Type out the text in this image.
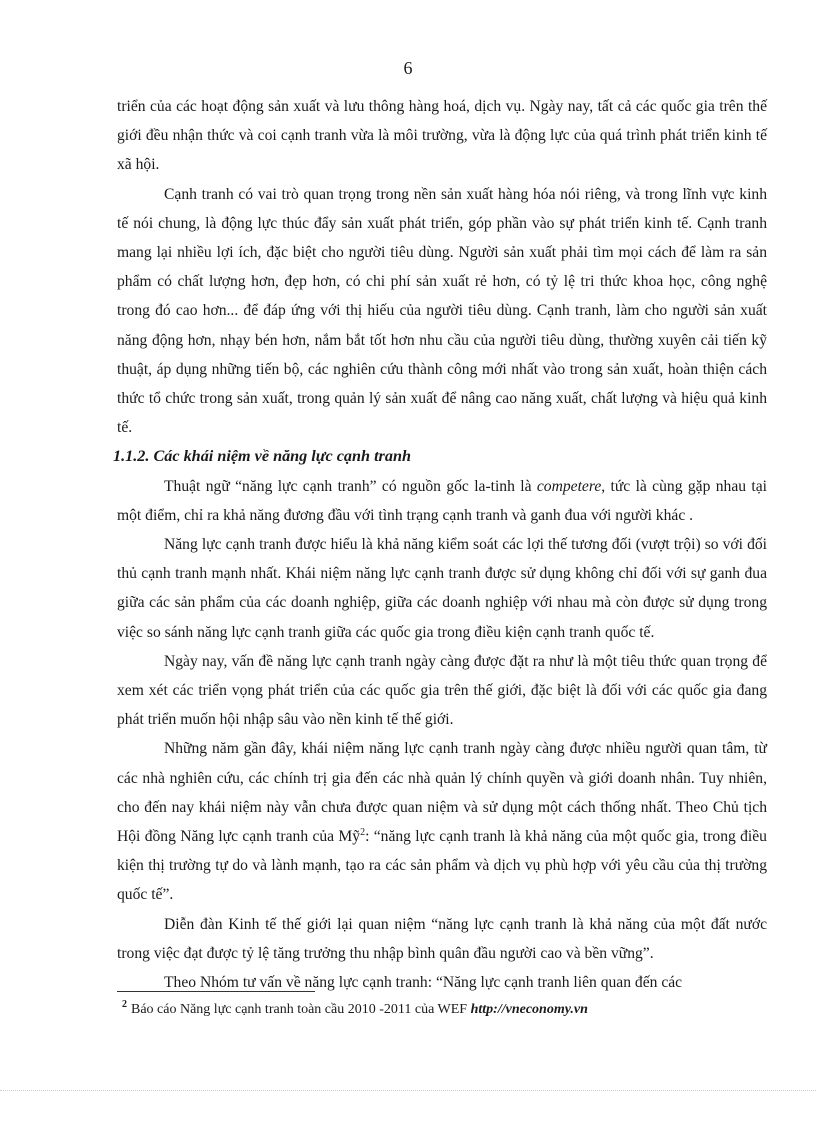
6

triển của các hoạt động sản xuất và lưu thông hàng hoá, dịch vụ. Ngày nay, tất cả các quốc gia trên thế giới đều nhận thức và coi cạnh tranh vừa là môi trường, vừa là động lực của quá trình phát triển kinh tế xã hội.

Cạnh tranh có vai trò quan trọng trong nền sản xuất hàng hóa nói riêng, và trong lĩnh vực kinh tế nói chung, là động lực thúc đẩy sản xuất phát triển, góp phần vào sự phát triển kinh tế. Cạnh tranh mang lại nhiều lợi ích, đặc biệt cho người tiêu dùng. Người sản xuất phải tìm mọi cách để làm ra sản phẩm có chất lượng hơn, đẹp hơn, có chi phí sản xuất rẻ hơn, có tỷ lệ tri thức khoa học, công nghệ trong đó cao hơn... để đáp ứng với thị hiếu của người tiêu dùng. Cạnh tranh, làm cho người sản xuất năng động hơn, nhạy bén hơn, nắm bắt tốt hơn nhu cầu của người tiêu dùng, thường xuyên cải tiến kỹ thuật, áp dụng những tiến bộ, các nghiên cứu thành công mới nhất vào trong sản xuất, hoàn thiện cách thức tổ chức trong sản xuất, trong quản lý sản xuất để nâng cao năng xuất, chất lượng và hiệu quả kinh tế.

1.1.2. Các khái niệm về năng lực cạnh tranh

Thuật ngữ “năng lực cạnh tranh” có nguồn gốc la-tinh là competere, tức là cùng gặp nhau tại một điểm, chỉ ra khả năng đương đầu với tình trạng cạnh tranh và ganh đua với người khác .

Năng lực cạnh tranh được hiểu là khả năng kiểm soát các lợi thế tương đối (vượt trội) so với đối thủ cạnh tranh mạnh nhất. Khái niệm năng lực cạnh tranh được sử dụng không chỉ đối với sự ganh đua giữa các sản phẩm của các doanh nghiệp, giữa các doanh nghiệp với nhau mà còn được sử dụng trong việc so sánh năng lực cạnh tranh giữa các quốc gia trong điều kiện cạnh tranh quốc tế.

Ngày nay, vấn đề năng lực cạnh tranh ngày càng được đặt ra như là một tiêu thức quan trọng để xem xét các triển vọng phát triển của các quốc gia trên thế giới, đặc biệt là đối với các quốc gia đang phát triển muốn hội nhập sâu vào nền kinh tế thế giới.

Những năm gần đây, khái niệm năng lực cạnh tranh ngày càng được nhiều người quan tâm, từ các nhà nghiên cứu, các chính trị gia đến các nhà quản lý chính quyền và giới doanh nhân. Tuy nhiên, cho đến nay khái niệm này vẫn chưa được quan niệm và sử dụng một cách thống nhất. Theo Chủ tịch Hội đồng Năng lực cạnh tranh của Mỹ$^2$: “năng lực cạnh tranh là khả năng của một quốc gia, trong điều kiện thị trường tự do và lành mạnh, tạo ra các sản phẩm và dịch vụ phù hợp với yêu cầu của thị trường quốc tế”.

Diễn đàn Kinh tế thế giới lại quan niệm “năng lực cạnh tranh là khả năng của một đất nước trong việc đạt được tỷ lệ tăng trưởng thu nhập bình quân đầu người cao và bền vững”.

Theo Nhóm tư vấn về năng lực cạnh tranh: “Năng lực cạnh tranh liên quan đến các

$^2$ Báo cáo Năng lực cạnh tranh toàn cầu 2010 -2011 của WEF http://vneconomy.vn
